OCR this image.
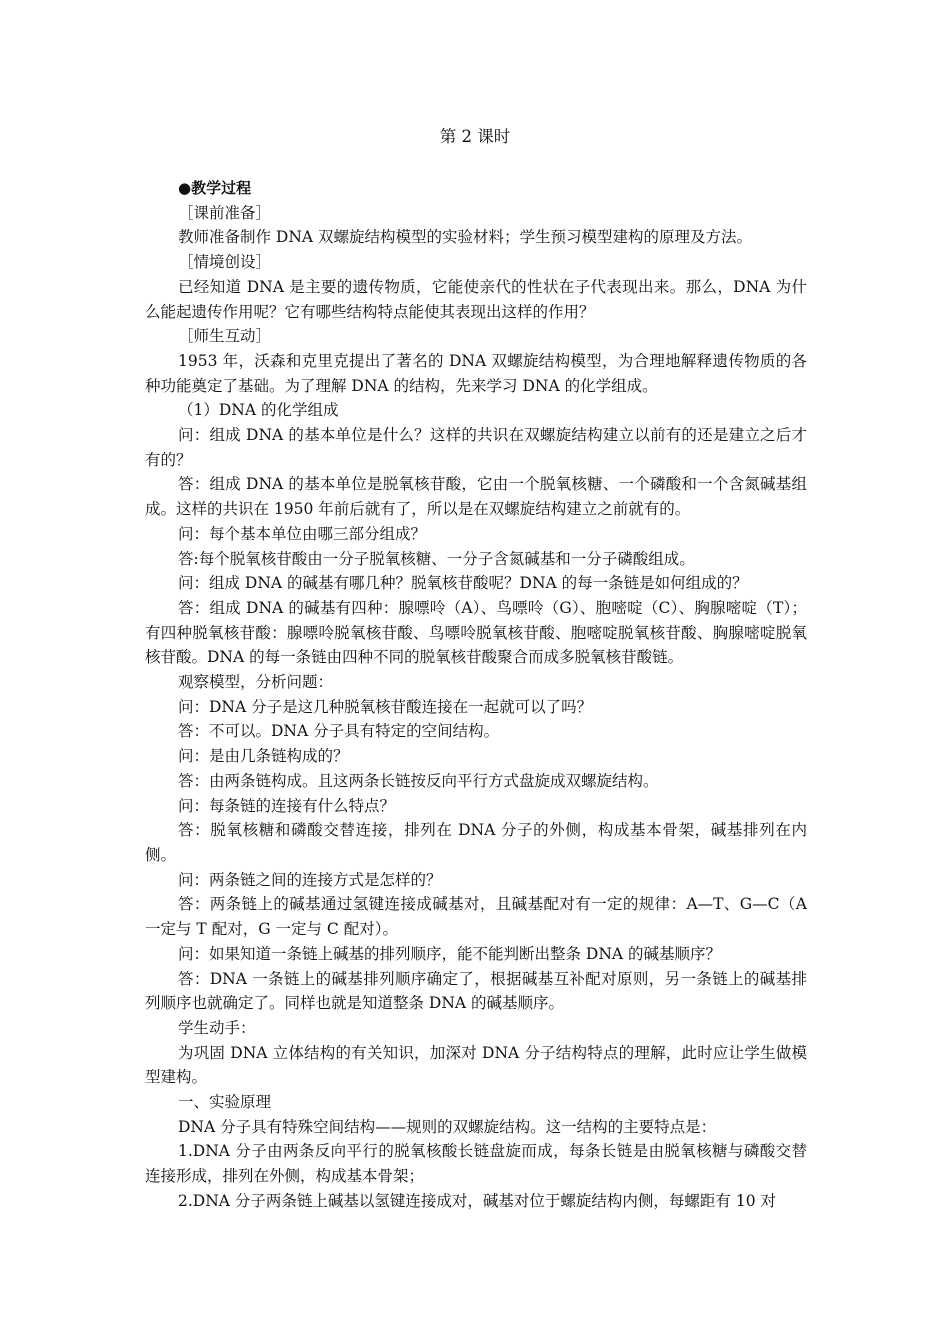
第 2 课时

●教学过程

［课前准备］

教师准备制作 DNA 双螺旋结构模型的实验材料；学生预习模型建构的原理及方法。

［情境创设］

已经知道 DNA 是主要的遗传物质，它能使亲代的性状在子代表现出来。那么，DNA 为什么能起遗传作用呢？它有哪些结构特点能使其表现出这样的作用？

［师生互动］

1953 年，沃森和克里克提出了著名的 DNA 双螺旋结构模型，为合理地解释遗传物质的各种功能奠定了基础。为了理解 DNA 的结构，先来学习 DNA 的化学组成。

（1）DNA 的化学组成

问：组成 DNA 的基本单位是什么？这样的共识在双螺旋结构建立以前有的还是建立之后才有的？

答：组成 DNA 的基本单位是脱氧核苷酸，它由一个脱氧核糖、一个磷酸和一个含氮碱基组成。这样的共识在 1950 年前后就有了，所以是在双螺旋结构建立之前就有的。

问：每个基本单位由哪三部分组成？

答:每个脱氧核苷酸由一分子脱氧核糖、一分子含氮碱基和一分子磷酸组成。

问：组成 DNA 的碱基有哪几种？脱氧核苷酸呢？DNA 的每一条链是如何组成的？

答：组成 DNA 的碱基有四种：腺嘌呤（A）、鸟嘌呤（G）、胞嘧啶（C）、胸腺嘧啶（T）；有四种脱氧核苷酸：腺嘌呤脱氧核苷酸、鸟嘌呤脱氧核苷酸、胞嘧啶脱氧核苷酸、胸腺嘧啶脱氧核苷酸。DNA 的每一条链由四种不同的脱氧核苷酸聚合而成多脱氧核苷酸链。

观察模型，分析问题：

问：DNA 分子是这几种脱氧核苷酸连接在一起就可以了吗？

答：不可以。DNA 分子具有特定的空间结构。

问：是由几条链构成的？

答：由两条链构成。且这两条长链按反向平行方式盘旋成双螺旋结构。

问：每条链的连接有什么特点？

答：脱氧核糖和磷酸交替连接，排列在 DNA 分子的外侧，构成基本骨架，碱基排列在内侧。

问：两条链之间的连接方式是怎样的？

答：两条链上的碱基通过氢键连接成碱基对，且碱基配对有一定的规律：A—T、G—C（A 一定与 T 配对，G 一定与 C 配对）。

问：如果知道一条链上碱基的排列顺序，能不能判断出整条 DNA 的碱基顺序？

答：DNA 一条链上的碱基排列顺序确定了，根据碱基互补配对原则，另一条链上的碱基排列顺序也就确定了。同样也就是知道整条 DNA 的碱基顺序。

学生动手：

为巩固 DNA 立体结构的有关知识，加深对 DNA 分子结构特点的理解，此时应让学生做模型建构。

一、实验原理

DNA 分子具有特殊空间结构——规则的双螺旋结构。这一结构的主要特点是：

1.DNA 分子由两条反向平行的脱氧核酸长链盘旋而成，每条长链是由脱氧核糖与磷酸交替连接形成，排列在外侧，构成基本骨架；

2.DNA 分子两条链上碱基以氢键连接成对，碱基对位于螺旋结构内侧，每螺距有 10 对
